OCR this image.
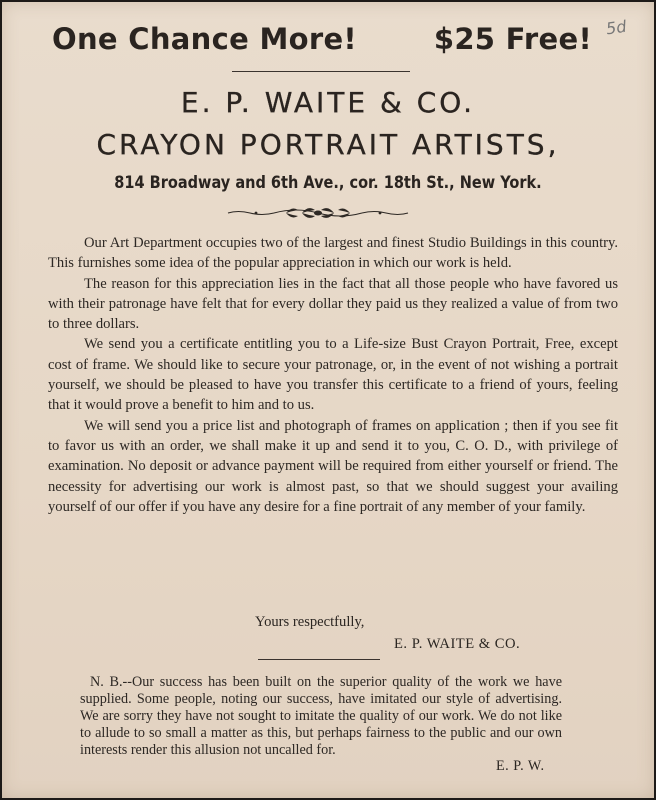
5d
One Chance More!	$25 Free!
E. P. WAITE & CO.
CRAYON PORTRAIT ARTISTS,
814 Broadway and 6th Ave., cor. 18th St., New York.

Our Art Department occupies two of the largest and finest Studio Buildings in this country. This furnishes some idea of the popular appreciation in which our work is held.

The reason for this appreciation lies in the fact that all those people who have favored us with their patronage have felt that for every dollar they paid us they realized a value of from two to three dollars.

We send you a certificate entitling you to a Life-size Bust Crayon Portrait, Free, except cost of frame. We should like to secure your patronage, or, in the event of not wishing a portrait yourself, we should be pleased to have you transfer this certificate to a friend of yours, feeling that it would prove a benefit to him and to us.

We will send you a price list and photograph of frames on application ; then if you see fit to favor us with an order, we shall make it up and send it to you, C. O. D., with privilege of examination. No deposit or advance payment will be required from either yourself or friend. The necessity for advertising our work is almost past, so that we should suggest your availing yourself of our offer if you have any desire for a fine portrait of any member of your family.

Yours respectfully,
E. P. WAITE & CO.

N. B.--Our success has been built on the superior quality of the work we have supplied. Some people, noting our success, have imitated our style of advertising. We are sorry they have not sought to imitate the quality of our work. We do not like to allude to so small a matter as this, but perhaps fairness to the public and our own interests render this allusion not uncalled for.

E. P. W.
